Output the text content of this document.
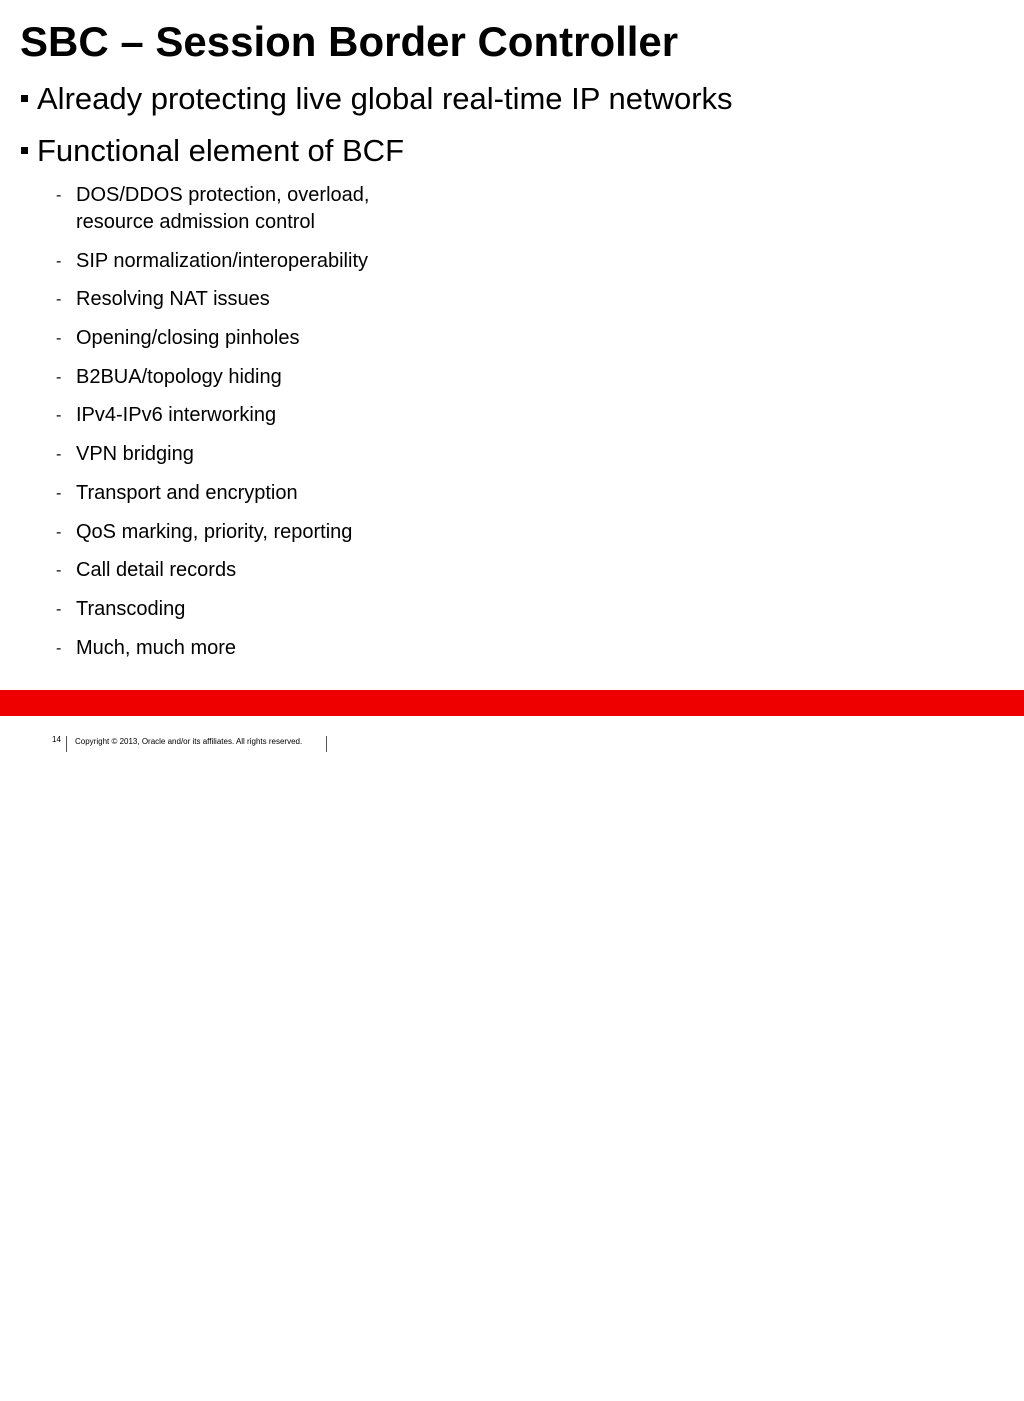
SBC – Session Border Controller
Already protecting live global real-time IP networks
Functional element of BCF
- DOS/DDOS protection, overload, resource admission control
- SIP normalization/interoperability
- Resolving NAT issues
- Opening/closing pinholes
- B2BUA/topology hiding
- IPv4-IPv6 interworking
- VPN bridging
- Transport and encryption
- QoS marking, priority, reporting
- Call detail records
- Transcoding
- Much, much more
ORACLE
14 Copyright © 2013, Oracle and/or its affiliates. All rights reserved.
